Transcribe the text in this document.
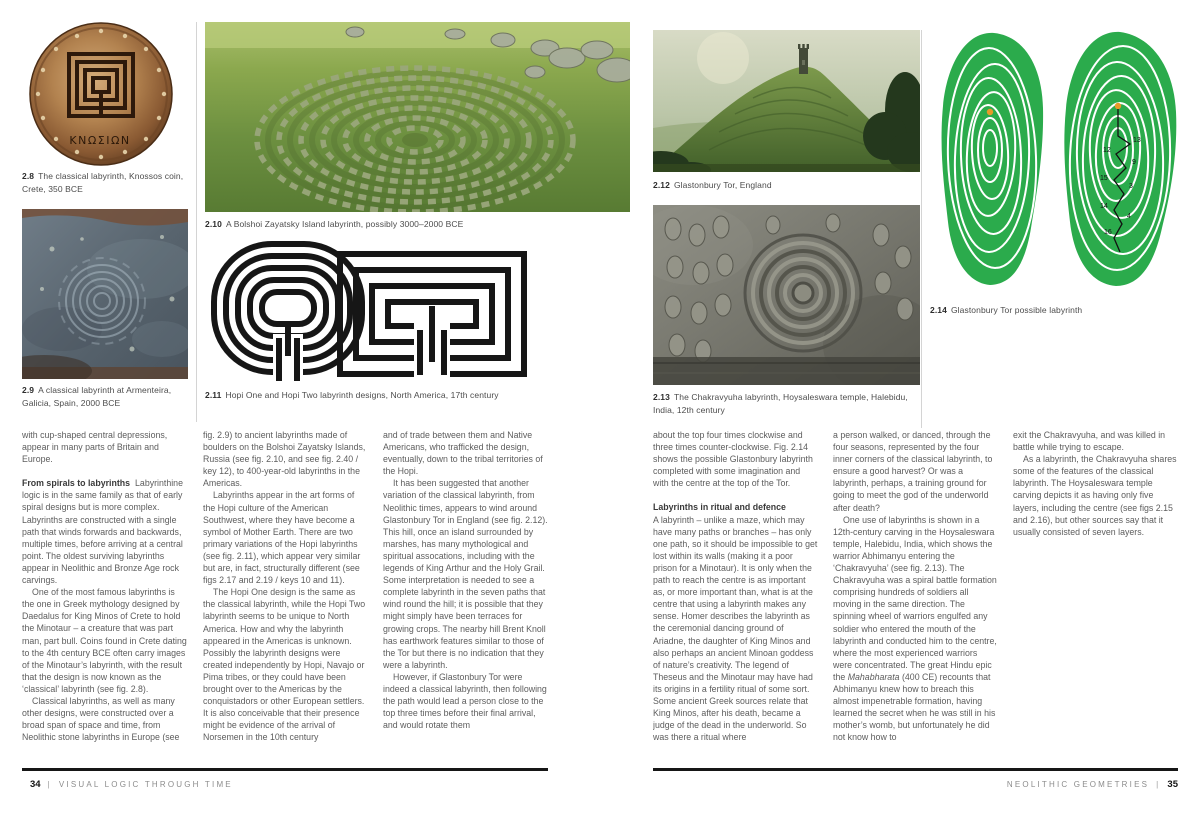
ΚΝΩΣΙΩΝ
2.8 The classical labyrinth, Knossos coin, Crete, 350 BCE
2.9 A classical labyrinth at Armenteira, Galicia, Spain, 2000 BCE
2.10 A Bolshoi Zayatsky Island labyrinth, possibly 3000–2000 BCE
2.11 Hopi One and Hopi Two labyrinth designs, North America, 17th century
2.12 Glastonbury Tor, England
2.13 The Chakravyuha labyrinth, Hoysaleswara temple, Halebidu, India, 12th century
13
12
9
15
3
14
4
16
2.14 Glastonbury Tor possible labyrinth

with cup-shaped central depressions, appear in many parts of Britain and Europe.

From spirals to labyrinths Labyrinthine logic is in the same family as that of early spiral designs but is more complex. Labyrinths are constructed with a single path that winds forwards and backwards, multiple times, before arriving at a central point. The oldest surviving labyrinths appear in Neolithic and Bronze Age rock carvings.

One of the most famous labyrinths is the one in Greek mythology designed by Daedalus for King Minos of Crete to hold the Minotaur – a creature that was part man, part bull. Coins found in Crete dating to the 4th century BCE often carry images of the Minotaur’s labyrinth, with the result that the design is now known as the ‘classical’ labyrinth (see fig. 2.8).

Classical labyrinths, as well as many other designs, were constructed over a broad span of space and time, from Neolithic stone labyrinths in Europe (see

fig. 2.9) to ancient labyrinths made of boulders on the Bolshoi Zayatsky Islands, Russia (see fig. 2.10, and see fig. 2.40 / key 12), to 400-year-old labyrinths in the Americas.

Labyrinths appear in the art forms of the Hopi culture of the American Southwest, where they have become a symbol of Mother Earth. There are two primary variations of the Hopi labyrinths (see fig. 2.11), which appear very similar but are, in fact, structurally different (see figs 2.17 and 2.19 / keys 10 and 11).

The Hopi One design is the same as the classical labyrinth, while the Hopi Two labyrinth seems to be unique to North America. How and why the labyrinth appeared in the Americas is unknown. Possibly the labyrinth designs were created independently by Hopi, Navajo or Pima tribes, or they could have been brought over to the Americas by the conquistadors or other European settlers. It is also conceivable that their presence might be evidence of the arrival of Norsemen in the 10th century

and of trade between them and Native Americans, who trafficked the design, eventually, down to the tribal territories of the Hopi.

It has been suggested that another variation of the classical labyrinth, from Neolithic times, appears to wind around Glastonbury Tor in England (see fig. 2.12). This hill, once an island surrounded by marshes, has many mythological and spiritual assocations, including with the legends of King Arthur and the Holy Grail. Some interpretation is needed to see a complete labyrinth in the seven paths that wind round the hill; it is possible that they might simply have been terraces for growing crops. The nearby hill Brent Knoll has earthwork features similar to those of the Tor but there is no indication that they were a labyrinth.

However, if Glastonbury Tor were indeed a classical labyrinth, then following the path would lead a person close to the top three times before their final arrival, and would rotate them

about the top four times clockwise and three times counter-clockwise. Fig. 2.14 shows the possible Glastonbury labyrinth completed with some imagination and with the centre at the top of the Tor.

Labyrinths in ritual and defence

A labyrinth – unlike a maze, which may have many paths or branches – has only one path, so it should be impossible to get lost within its walls (making it a poor prison for a Minotaur). It is only when the path to reach the centre is as important as, or more important than, what is at the centre that using a labyrinth makes any sense. Homer describes the labyrinth as the ceremonial dancing ground of Ariadne, the daughter of King Minos and also perhaps an ancient Minoan goddess of nature’s creativity. The legend of Theseus and the Minotaur may have had its origins in a fertility ritual of some sort. Some ancient Greek sources relate that King Minos, after his death, became a judge of the dead in the underworld. So was there a ritual where

a person walked, or danced, through the four seasons, represented by the four inner corners of the classical labyrinth, to ensure a good harvest? Or was a labyrinth, perhaps, a training ground for going to meet the god of the underworld after death?

One use of labyrinths is shown in a 12th-century carving in the Hoysaleswara temple, Halebidu, India, which shows the warrior Abhimanyu entering the ‘Chakravyuha’ (see fig. 2.13). The Chakravyuha was a spiral battle formation comprising hundreds of soldiers all moving in the same direction. The spinning wheel of warriors engulfed any soldier who entered the mouth of the labyrinth and conducted him to the centre, where the most experienced warriors were concentrated. The great Hindu epic the Mahabharata (400 CE) recounts that Abhimanyu knew how to breach this almost impenetrable formation, having learned the secret when he was still in his mother’s womb, but unfortunately he did not know how to

exit the Chakravyuha, and was killed in battle while trying to escape.

As a labyrinth, the Chakravyuha shares some of the features of the classical labyrinth. The Hoysaleswara temple carving depicts it as having only five layers, including the centre (see figs 2.15 and 2.16), but other sources say that it usually consisted of seven layers.

34 | VISUAL LOGIC THROUGH TIME	NEOLITHIC GEOMETRIES | 35
